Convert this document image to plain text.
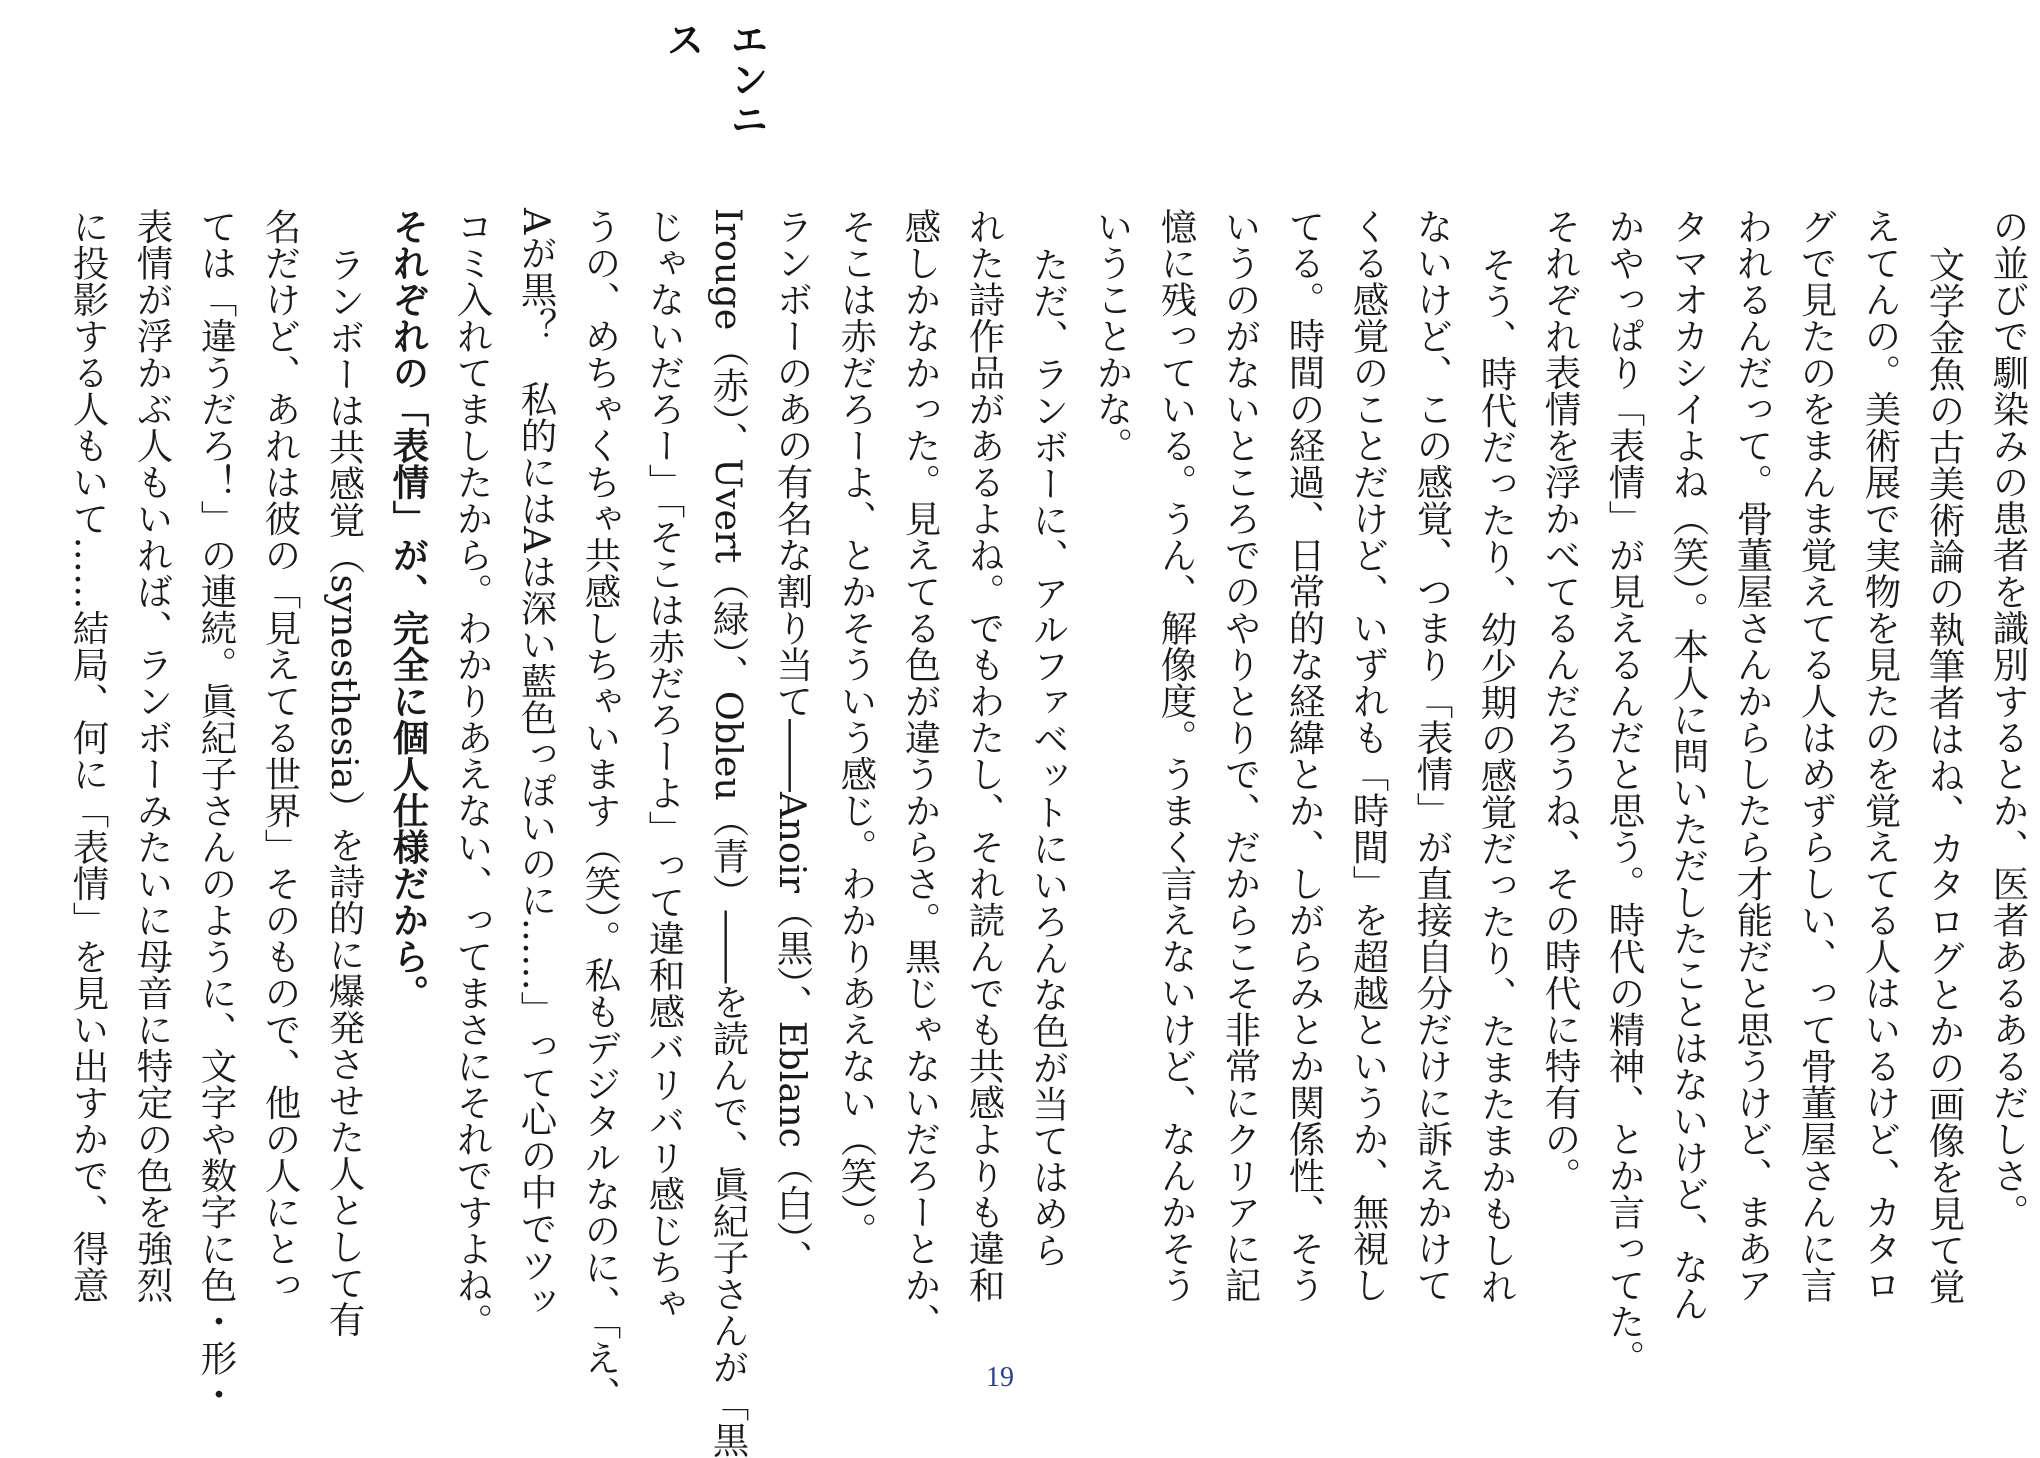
エンニス
の並びで馴染みの患者を識別するとか、医者あるあるだしさ。
文学金魚の古美術論の執筆者はね、カタログとかの画像を見て覚
えてんの。美術展で実物を見たのを覚えてる人はいるけど、カタロ
グで見たのをまんま覚えてる人はめずらしい、って骨董屋さんに言
われるんだって。骨董屋さんからしたら才能だと思うけど、まあア
タマオカシイよね（笑）。本人に問いただしたことはないけど、なん
かやっぱり「表情」が見えるんだと思う。時代の精神、とか言ってた。
それぞれ表情を浮かべてるんだろうね、その時代に特有の。
そう、時代だったり、幼少期の感覚だったり、たまたまかもしれ
ないけど、この感覚、つまり「表情」が直接自分だけに訴えかけて
くる感覚のことだけど、いずれも「時間」を超越というか、無視し
てる。時間の経過、日常的な経緯とか、しがらみとか関係性、そう
いうのがないところでのやりとりで、だからこそ非常にクリアに記
憶に残っている。うん、解像度。うまく言えないけど、なんかそう
いうことかな。
ただ、ランボーに、アルファベットにいろんな色が当てはめら
れた詩作品があるよね。でもわたし、それ読んでも共感よりも違和
感しかなかった。見えてる色が違うからさ。黒じゃないだろーとか、
そこは赤だろーよ、とかそういう感じ。わかりあえない（笑）。
ランボーのあの有名な割り当て――Anoir（黒）、Eblanc（白）、
Irouge（赤）、Uvert（緑）、Obleu（青）――を読んで、眞紀子さんが「黒
じゃないだろー」「そこは赤だろーよ」って違和感バリバリ感じちゃ
うの、めちゃくちゃ共感しちゃいます（笑）。私もデジタルなのに、「え、
Aが黒？　私的にはAは深い藍色っぽいのに……」って心の中でツッ
コミ入れてましたから。わかりあえない、ってまさにそれですよね。
それぞれの「表情」が、完全に個人仕様だから。
ランボーは共感覚（synesthesia）を詩的に爆発させた人として有
名だけど、あれは彼の「見えてる世界」そのもので、他の人にとっ
ては「違うだろ！」の連続。眞紀子さんのように、文字や数字に色・形・
表情が浮かぶ人もいれば、ランボーみたいに母音に特定の色を強烈
に投影する人もいて……結局、何に「表情」を見い出すかで、得意
19
